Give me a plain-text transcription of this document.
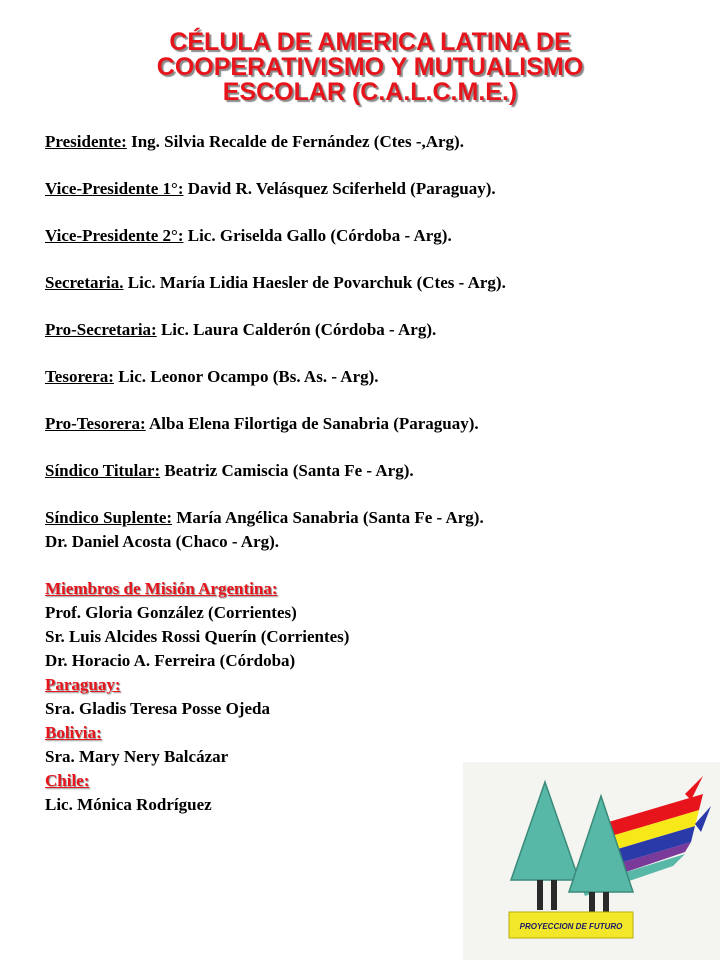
CÉLULA DE AMERICA LATINA DE
COOPERATIVISMO Y MUTUALISMO
ESCOLAR (C.A.L.C.M.E.)
Presidente: Ing. Silvia Recalde de Fernández (Ctes -,Arg).
Vice-Presidente 1°: David R. Velásquez Sciferheld (Paraguay).
Vice-Presidente 2°: Lic. Griselda Gallo (Córdoba - Arg).
Secretaria. Lic. María Lidia Haesler de Povarchuk (Ctes - Arg).
Pro-Secretaria: Lic. Laura Calderón (Córdoba - Arg).
Tesorera: Lic. Leonor Ocampo (Bs. As. - Arg).
Pro-Tesorera: Alba Elena Filortiga de Sanabria (Paraguay).
Síndico Titular: Beatriz Camiscia (Santa Fe - Arg).
Síndico Suplente: María Angélica Sanabria (Santa Fe - Arg).
Dr. Daniel Acosta (Chaco - Arg).
Miembros de Misión Argentina:
Prof. Gloria González (Corrientes)
Sr. Luis Alcides Rossi Querín (Corrientes)
Dr. Horacio A. Ferreira (Córdoba)
Paraguay:
Sra. Gladis Teresa Posse Ojeda
Bolivia:
Sra. Mary Nery Balcázar
Chile:
Lic. Mónica Rodríguez
PROYECCION DE FUTURO
